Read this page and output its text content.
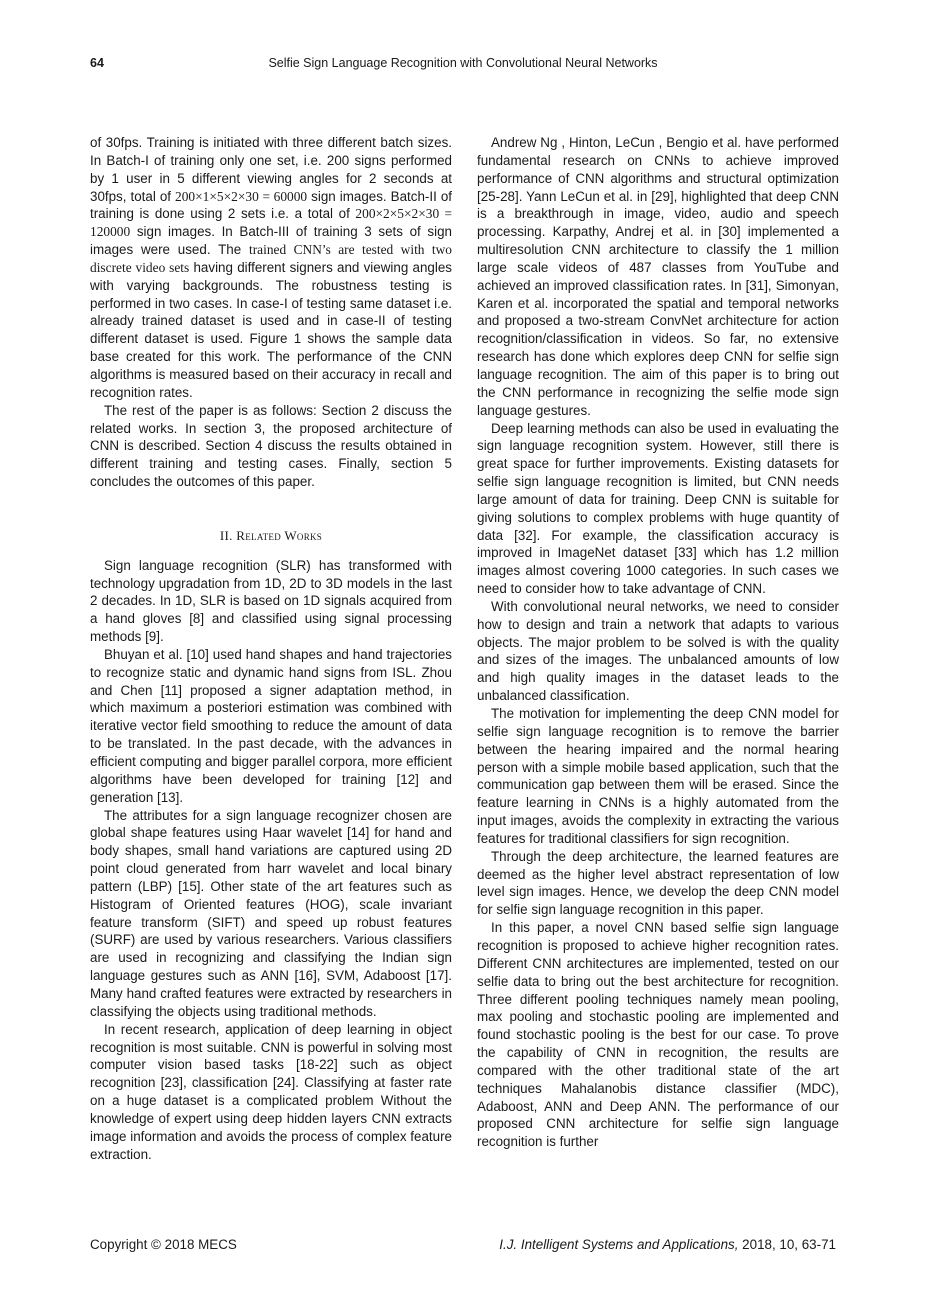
64	Selfie Sign Language Recognition with Convolutional Neural Networks

of 30fps. Training is initiated with three different batch sizes. In Batch-I of training only one set, i.e. 200 signs performed by 1 user in 5 different viewing angles for 2 seconds at 30fps, total of 200×1×5×2×30 = 60000 sign images. Batch-II of training is done using 2 sets i.e. a total of 200×2×5×2×30 = 120000 sign images. In Batch-III of training 3 sets of sign images were used. The trained CNN’s are tested with two discrete video sets having different signers and viewing angles with varying backgrounds. The robustness testing is performed in two cases. In case-I of testing same dataset i.e. already trained dataset is used and in case-II of testing different dataset is used. Figure 1 shows the sample data base created for this work. The performance of the CNN algorithms is measured based on their accuracy in recall and recognition rates.

The rest of the paper is as follows: Section 2 discuss the related works. In section 3, the proposed architecture of CNN is described. Section 4 discuss the results obtained in different training and testing cases. Finally, section 5 concludes the outcomes of this paper.

II. Related Works

Sign language recognition (SLR) has transformed with technology upgradation from 1D, 2D to 3D models in the last 2 decades. In 1D, SLR is based on 1D signals acquired from a hand gloves [8] and classified using signal processing methods [9].

Bhuyan et al. [10] used hand shapes and hand trajectories to recognize static and dynamic hand signs from ISL. Zhou and Chen [11] proposed a signer adaptation method, in which maximum a posteriori estimation was combined with iterative vector field smoothing to reduce the amount of data to be translated. In the past decade, with the advances in efficient computing and bigger parallel corpora, more efficient algorithms have been developed for training [12] and generation [13].

The attributes for a sign language recognizer chosen are global shape features using Haar wavelet [14] for hand and body shapes, small hand variations are captured using 2D point cloud generated from harr wavelet and local binary pattern (LBP) [15]. Other state of the art features such as Histogram of Oriented features (HOG), scale invariant feature transform (SIFT) and speed up robust features (SURF) are used by various researchers. Various classifiers are used in recognizing and classifying the Indian sign language gestures such as ANN [16], SVM, Adaboost [17]. Many hand crafted features were extracted by researchers in classifying the objects using traditional methods.

In recent research, application of deep learning in object recognition is most suitable. CNN is powerful in solving most computer vision based tasks [18-22] such as object recognition [23], classification [24]. Classifying at faster rate on a huge dataset is a complicated problem Without the knowledge of expert using deep hidden layers CNN extracts image information and avoids the process of complex feature extraction.

Andrew Ng , Hinton, LeCun , Bengio et al. have performed fundamental research on CNNs to achieve improved performance of CNN algorithms and structural optimization [25-28]. Yann LeCun et al. in [29], highlighted that deep CNN is a breakthrough in image, video, audio and speech processing. Karpathy, Andrej et al. in [30] implemented a multiresolution CNN architecture to classify the 1 million large scale videos of 487 classes from YouTube and achieved an improved classification rates. In [31], Simonyan, Karen et al. incorporated the spatial and temporal networks and proposed a two-stream ConvNet architecture for action recognition/classification in videos. So far, no extensive research has done which explores deep CNN for selfie sign language recognition. The aim of this paper is to bring out the CNN performance in recognizing the selfie mode sign language gestures.

Deep learning methods can also be used in evaluating the sign language recognition system. However, still there is great space for further improvements. Existing datasets for selfie sign language recognition is limited, but CNN needs large amount of data for training. Deep CNN is suitable for giving solutions to complex problems with huge quantity of data [32]. For example, the classification accuracy is improved in ImageNet dataset [33] which has 1.2 million images almost covering 1000 categories. In such cases we need to consider how to take advantage of CNN.

With convolutional neural networks, we need to consider how to design and train a network that adapts to various objects. The major problem to be solved is with the quality and sizes of the images. The unbalanced amounts of low and high quality images in the dataset leads to the unbalanced classification.

The motivation for implementing the deep CNN model for selfie sign language recognition is to remove the barrier between the hearing impaired and the normal hearing person with a simple mobile based application, such that the communication gap between them will be erased. Since the feature learning in CNNs is a highly automated from the input images, avoids the complexity in extracting the various features for traditional classifiers for sign recognition.

Through the deep architecture, the learned features are deemed as the higher level abstract representation of low level sign images. Hence, we develop the deep CNN model for selfie sign language recognition in this paper.

In this paper, a novel CNN based selfie sign language recognition is proposed to achieve higher recognition rates. Different CNN architectures are implemented, tested on our selfie data to bring out the best architecture for recognition. Three different pooling techniques namely mean pooling, max pooling and stochastic pooling are implemented and found stochastic pooling is the best for our case. To prove the capability of CNN in recognition, the results are compared with the other traditional state of the art techniques Mahalanobis distance classifier (MDC), Adaboost, ANN and Deep ANN. The performance of our proposed CNN architecture for selfie sign language recognition is further

Copyright © 2018 MECS	I.J. Intelligent Systems and Applications, 2018, 10, 63-71
